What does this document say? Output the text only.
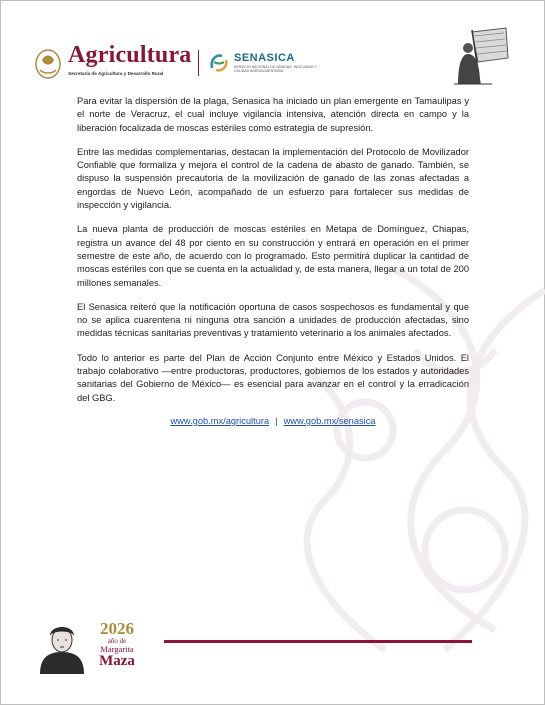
Agricultura
Secretaría de Agricultura y Desarrollo Rural
SENASICA
SERVICIO NACIONAL DE SANIDAD, INOCUIDAD Y CALIDAD AGROALIMENTARIA

Para evitar la dispersión de la plaga, Senasica ha iniciado un plan emergente en Tamaulipas y el norte de Veracruz, el cual incluye vigilancia intensiva, atención directa en campo y la liberación focalizada de moscas estériles como estrategia de supresión.

Entre las medidas complementarias, destacan la implementación del Protocolo de Movilizador Confiable que formaliza y mejora el control de la cadena de abasto de ganado. También, se dispuso la suspensión precautoria de la movilización de ganado de las zonas afectadas a engordas de Nuevo León, acompañado de un esfuerzo para fortalecer sus medidas de inspección y vigilancia.

La nueva planta de producción de moscas estériles en Metapa de Domínguez, Chiapas, registra un avance del 48 por ciento en su construcción y entrará en operación en el primer semestre de este año, de acuerdo con lo programado. Esto permitirá duplicar la cantidad de moscas estériles con que se cuenta en la actualidad y, de esta manera, llegar a un total de 200 millones semanales.

El Senasica reiteró que la notificación oportuna de casos sospechosos es fundamental y que no se aplica cuarentena ni ninguna otra sanción a unidades de producción afectadas, sino medidas técnicas sanitarias preventivas y tratamiento veterinario a los animales afectados.

Todo lo anterior es parte del Plan de Acción Conjunto entre México y Estados Unidos. El trabajo colaborativo —entre productoras, productores, gobiernos de los estados y autoridades sanitarias del Gobierno de México— es esencial para avanzar en el control y la erradicación del GBG.

www.gob.mx/agricultura | www.gob.mx/senasica
2026
año de
Margarita
Maza
